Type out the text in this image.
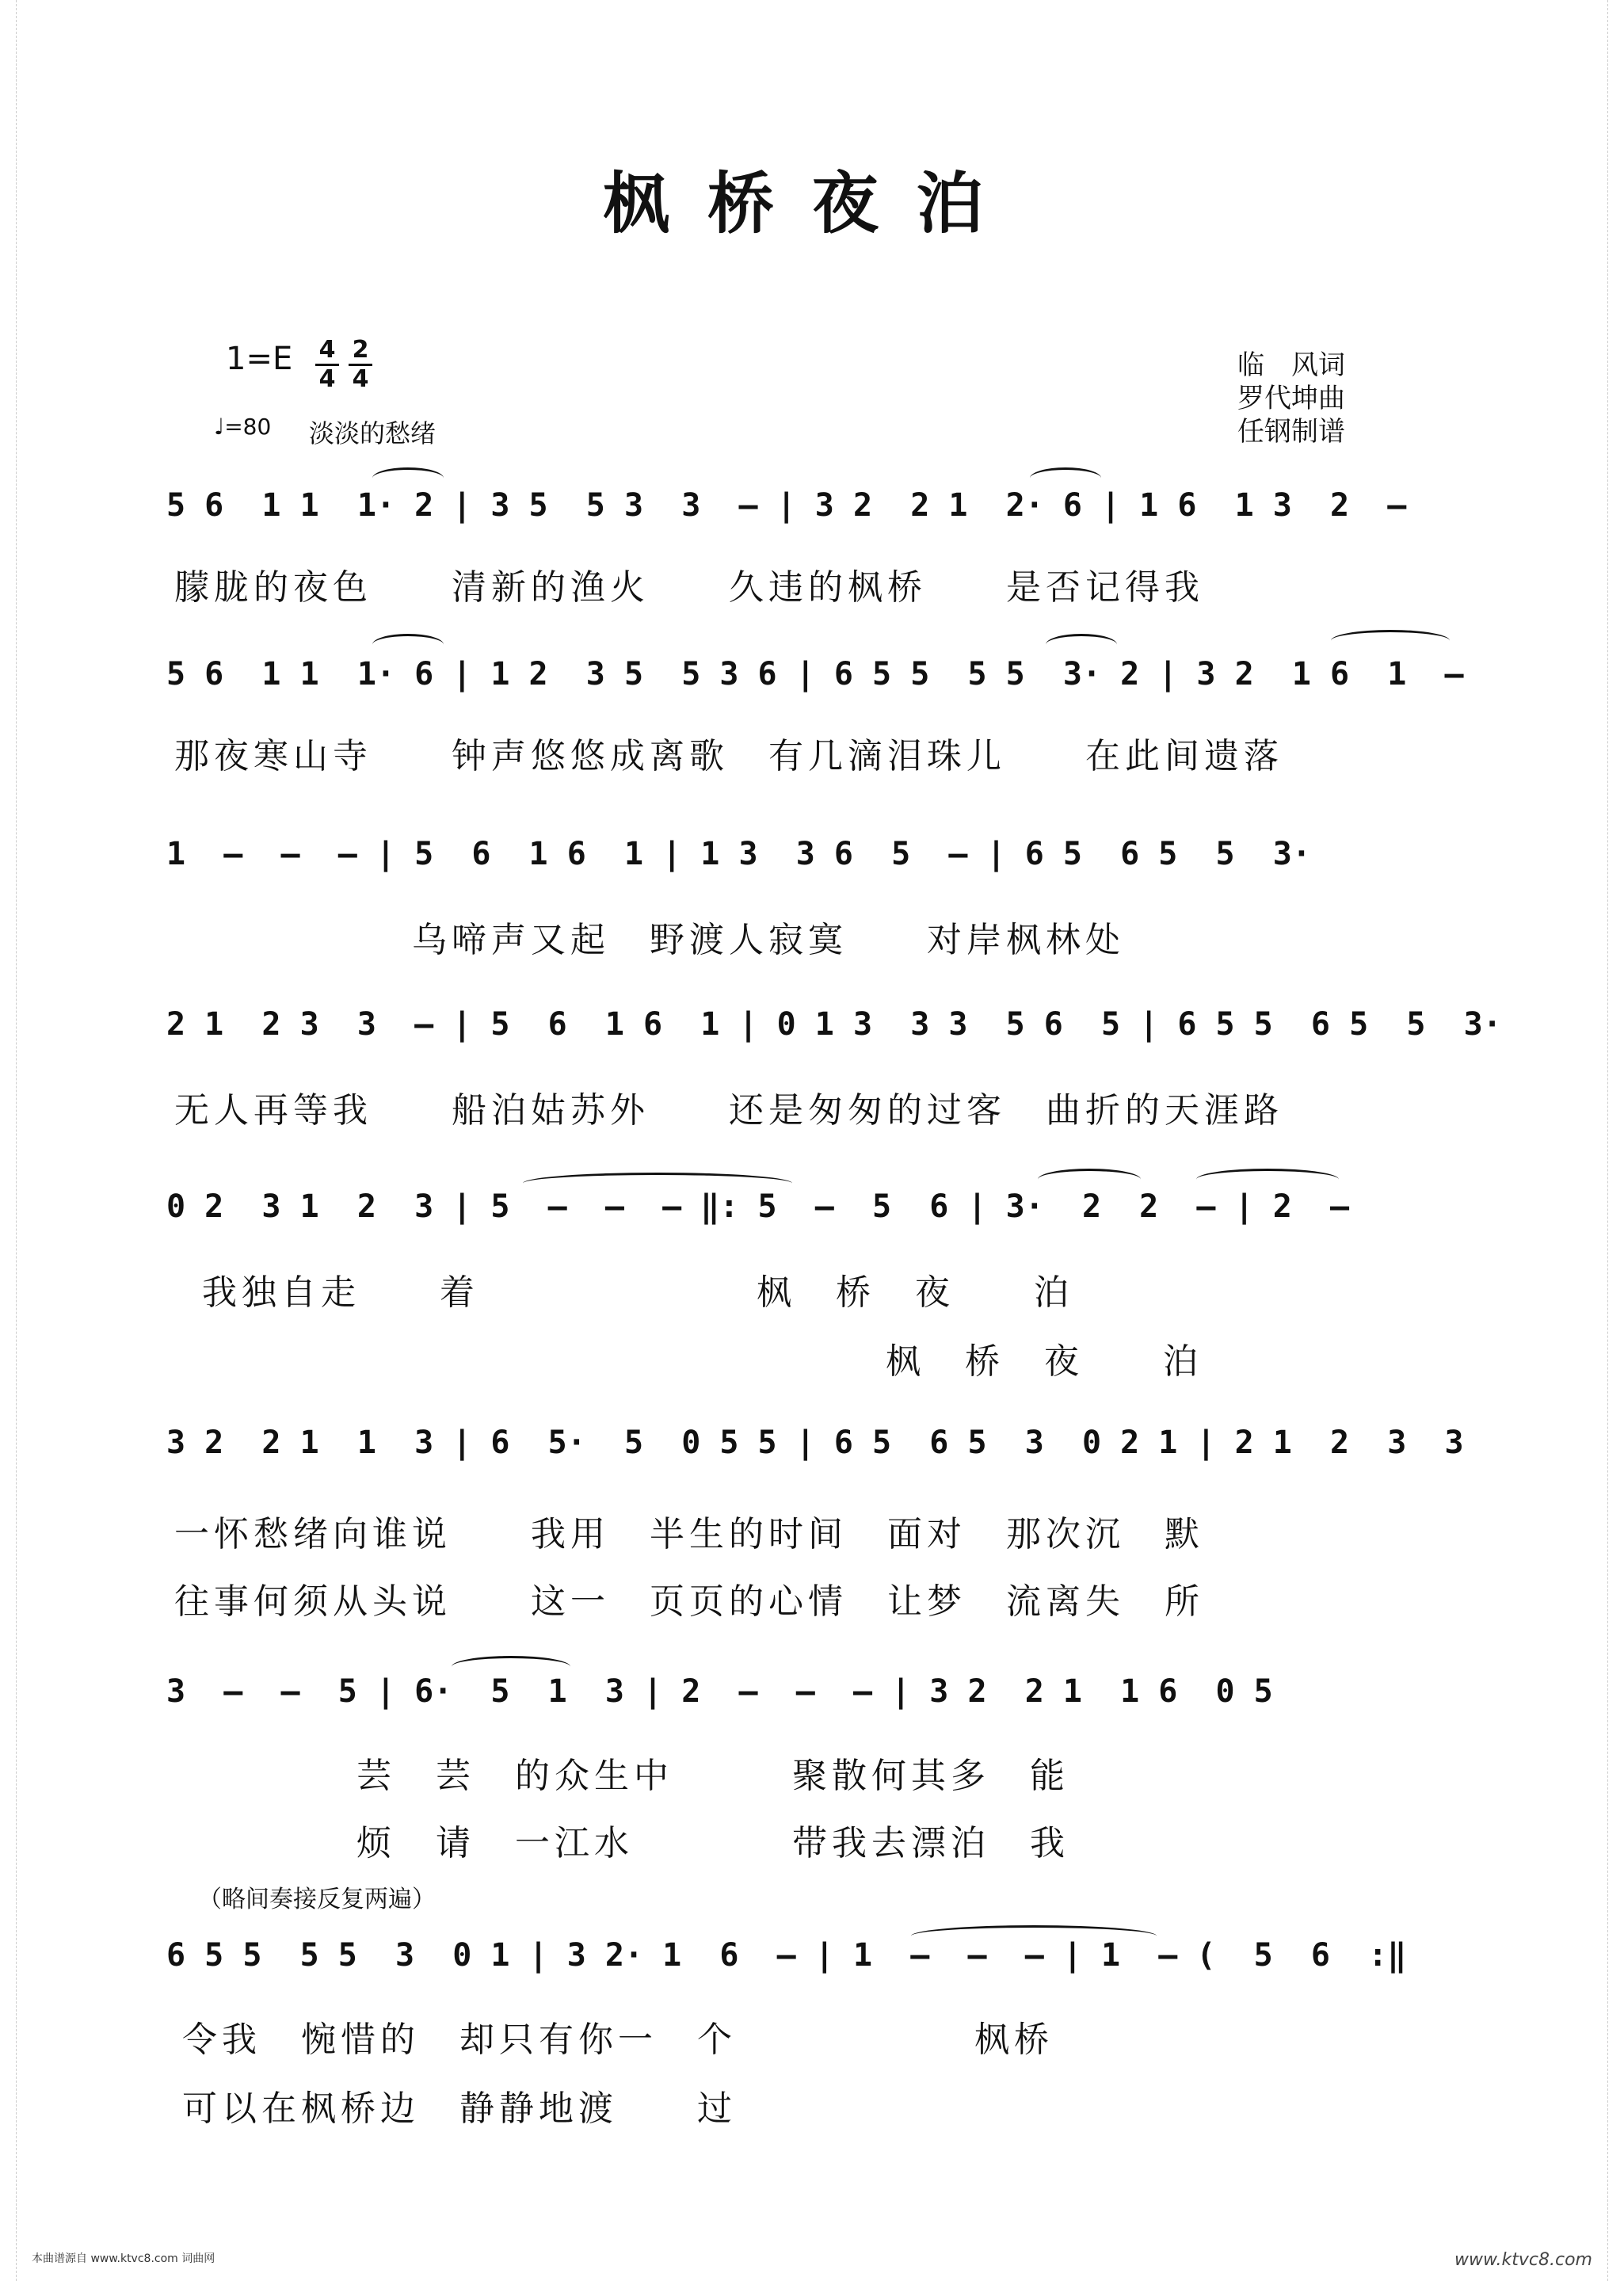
枫桥夜泊
1=E 4
4
2
4
♩=80 淡淡的愁绪
临　风词
罗代坤曲
任钢制谱
5 6  1 1  1· 2 | 3 5  5 3  3  – | 3 2  2 1  2· 6 | 1 6  1 3  2  –
朦胧的夜色　　清新的渔火　　久违的枫桥　　是否记得我
5 6  1 1  1· 6 | 1 2  3 5  5 3 6 | 6 5 5  5 5  3· 2 | 3 2  1 6  1  –
那夜寒山寺　　钟声悠悠成离歌　有几滴泪珠儿　　在此间遗落
1  –  –  – | 5  6  1 6  1 | 1 3  3 6  5  – | 6 5  6 5  5  3·
　　　　　　乌啼声又起　野渡人寂寞　　对岸枫林处
2 1  2 3  3  – | 5  6  1 6  1 | 0 1 3  3 3  5 6  5 | 6 5 5  6 5  5  3·
无人再等我　　船泊姑苏外　　还是匆匆的过客　曲折的天涯路
0 2  3 1  2  3 | 5  –  –  – ‖: 5  –  5  6 | 3·  2  2  – | 2  –
我独自走　　着　　　　　　　枫　桥　夜　　泊
枫　桥　夜　　泊
3 2  2 1  1  3 | 6  5·  5  0 5 5 | 6 5  6 5  3  0 2 1 | 2 1  2  3  3
一怀愁绪向谁说　　我用　半生的时间　面对　那次沉　默
往事何须从头说　　这一　页页的心情　让梦　流离失　所
3  –  –  5 | 6·  5  1  3 | 2  –  –  – | 3 2  2 1  1 6  0 5
芸　芸　的众生中　　　聚散何其多　能
烦　请　一江水　　　　带我去漂泊　我
（略间奏接反复两遍）
6 5 5  5 5  3  0 1 | 3 2· 1  6  – | 1  –  –  – | 1  – (  5  6  :‖
令我　惋惜的　却只有你一　个　　　　　　枫桥
可以在枫桥边　静静地渡　　过
本曲谱源自 www.ktvc8.com 词曲网	www.ktvc8.com
